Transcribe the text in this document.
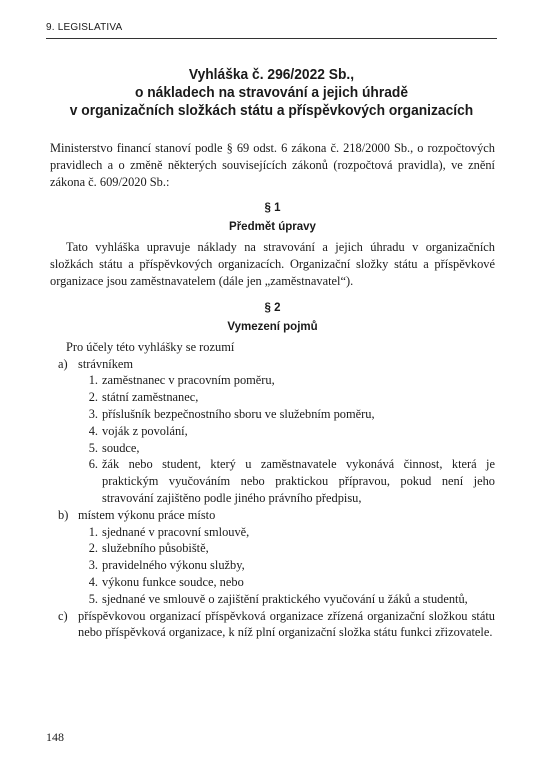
9. LEGISLATIVA
Vyhláška č. 296/2022 Sb.,
o nákladech na stravování a jejich úhradě
v organizačních složkách státu a příspěvkových organizacích

Ministerstvo financí stanoví podle § 69 odst. 6 zákona č. 218/2000 Sb., o rozpočtových pravidlech a o změně některých souvisejících zákonů (rozpočtová pravidla), ve znění zákona č. 609/2020 Sb.:

§ 1
Předmět úpravy

Tato vyhláška upravuje náklady na stravování a jejich úhradu v organizačních složkách státu a příspěvkových organizacích. Organizační složky státu a příspěvkové organizace jsou zaměstnavatelem (dále jen „zaměstnavatel“).

§ 2
Vymezení pojmů
Pro účely této vyhlášky se rozumí
a) strávníkem
1. zaměstnanec v pracovním poměru,
2. státní zaměstnanec,
3. příslušník bezpečnostního sboru ve služebním poměru,
4. voják z povolání,
5. soudce,
6. žák nebo student, který u zaměstnavatele vykonává činnost, která je praktickým vyučováním nebo praktickou přípravou, pokud není jeho stravování zajištěno podle jiného právního předpisu,
b) místem výkonu práce místo
1. sjednané v pracovní smlouvě,
2. služebního působiště,
3. pravidelného výkonu služby,
4. výkonu funkce soudce, nebo
5. sjednané ve smlouvě o zajištění praktického vyučování u žáků a studentů,
c) příspěvkovou organizací příspěvková organizace zřízená organizační složkou státu nebo příspěvková organizace, k níž plní organizační složka státu funkci zřizovatele.
148
